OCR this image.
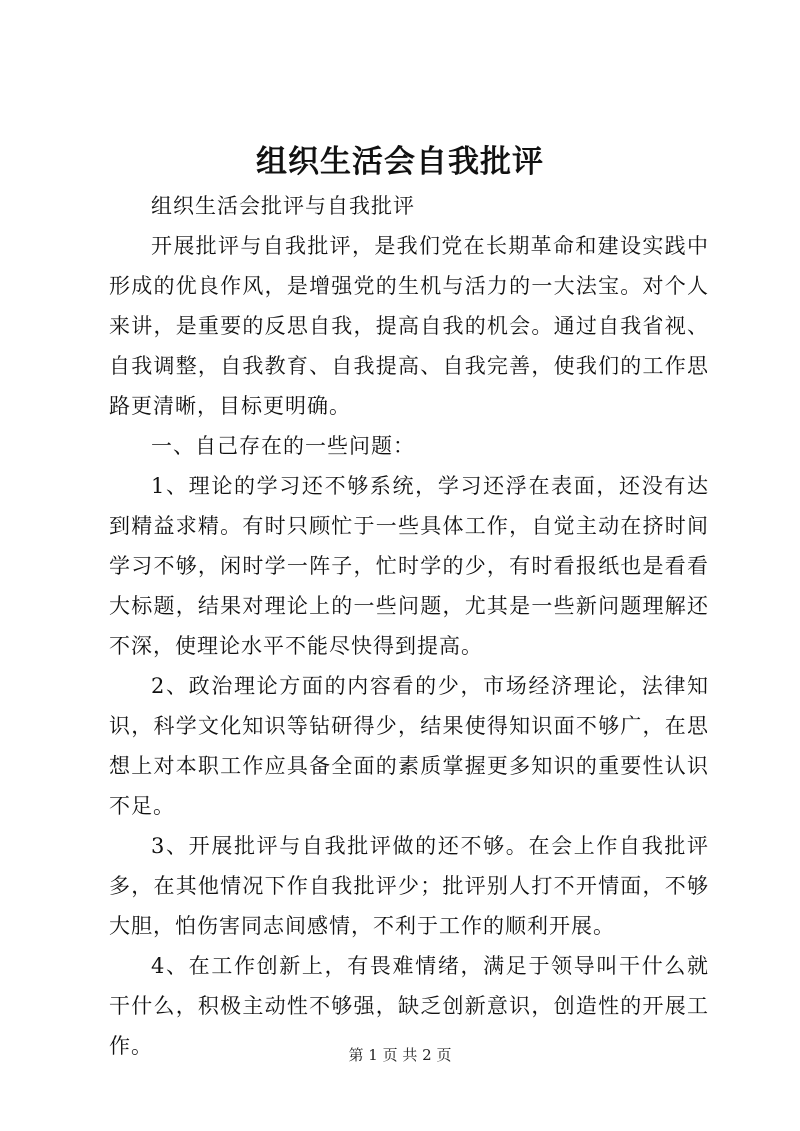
组织生活会自我批评

组织生活会批评与自我批评

开展批评与自我批评，是我们党在长期革命和建设实践中形成的优良作风，是增强党的生机与活力的一大法宝。对个人来讲，是重要的反思自我，提高自我的机会。通过自我省视、自我调整，自我教育、自我提高、自我完善，使我们的工作思路更清晰，目标更明确。

一、自己存在的一些问题：

1、理论的学习还不够系统，学习还浮在表面，还没有达到精益求精。有时只顾忙于一些具体工作，自觉主动在挤时间学习不够，闲时学一阵子，忙时学的少，有时看报纸也是看看大标题，结果对理论上的一些问题，尤其是一些新问题理解还不深，使理论水平不能尽快得到提高。

2、政治理论方面的内容看的少，市场经济理论，法律知识，科学文化知识等钻研得少，结果使得知识面不够广，在思想上对本职工作应具备全面的素质掌握更多知识的重要性认识不足。

3、开展批评与自我批评做的还不够。在会上作自我批评多，在其他情况下作自我批评少；批评别人打不开情面，不够大胆，怕伤害同志间感情，不利于工作的顺利开展。

4、在工作创新上，有畏难情绪，满足于领导叫干什么就干什么，积极主动性不够强，缺乏创新意识，创造性的开展工作。	第 1 页 共 2 页
